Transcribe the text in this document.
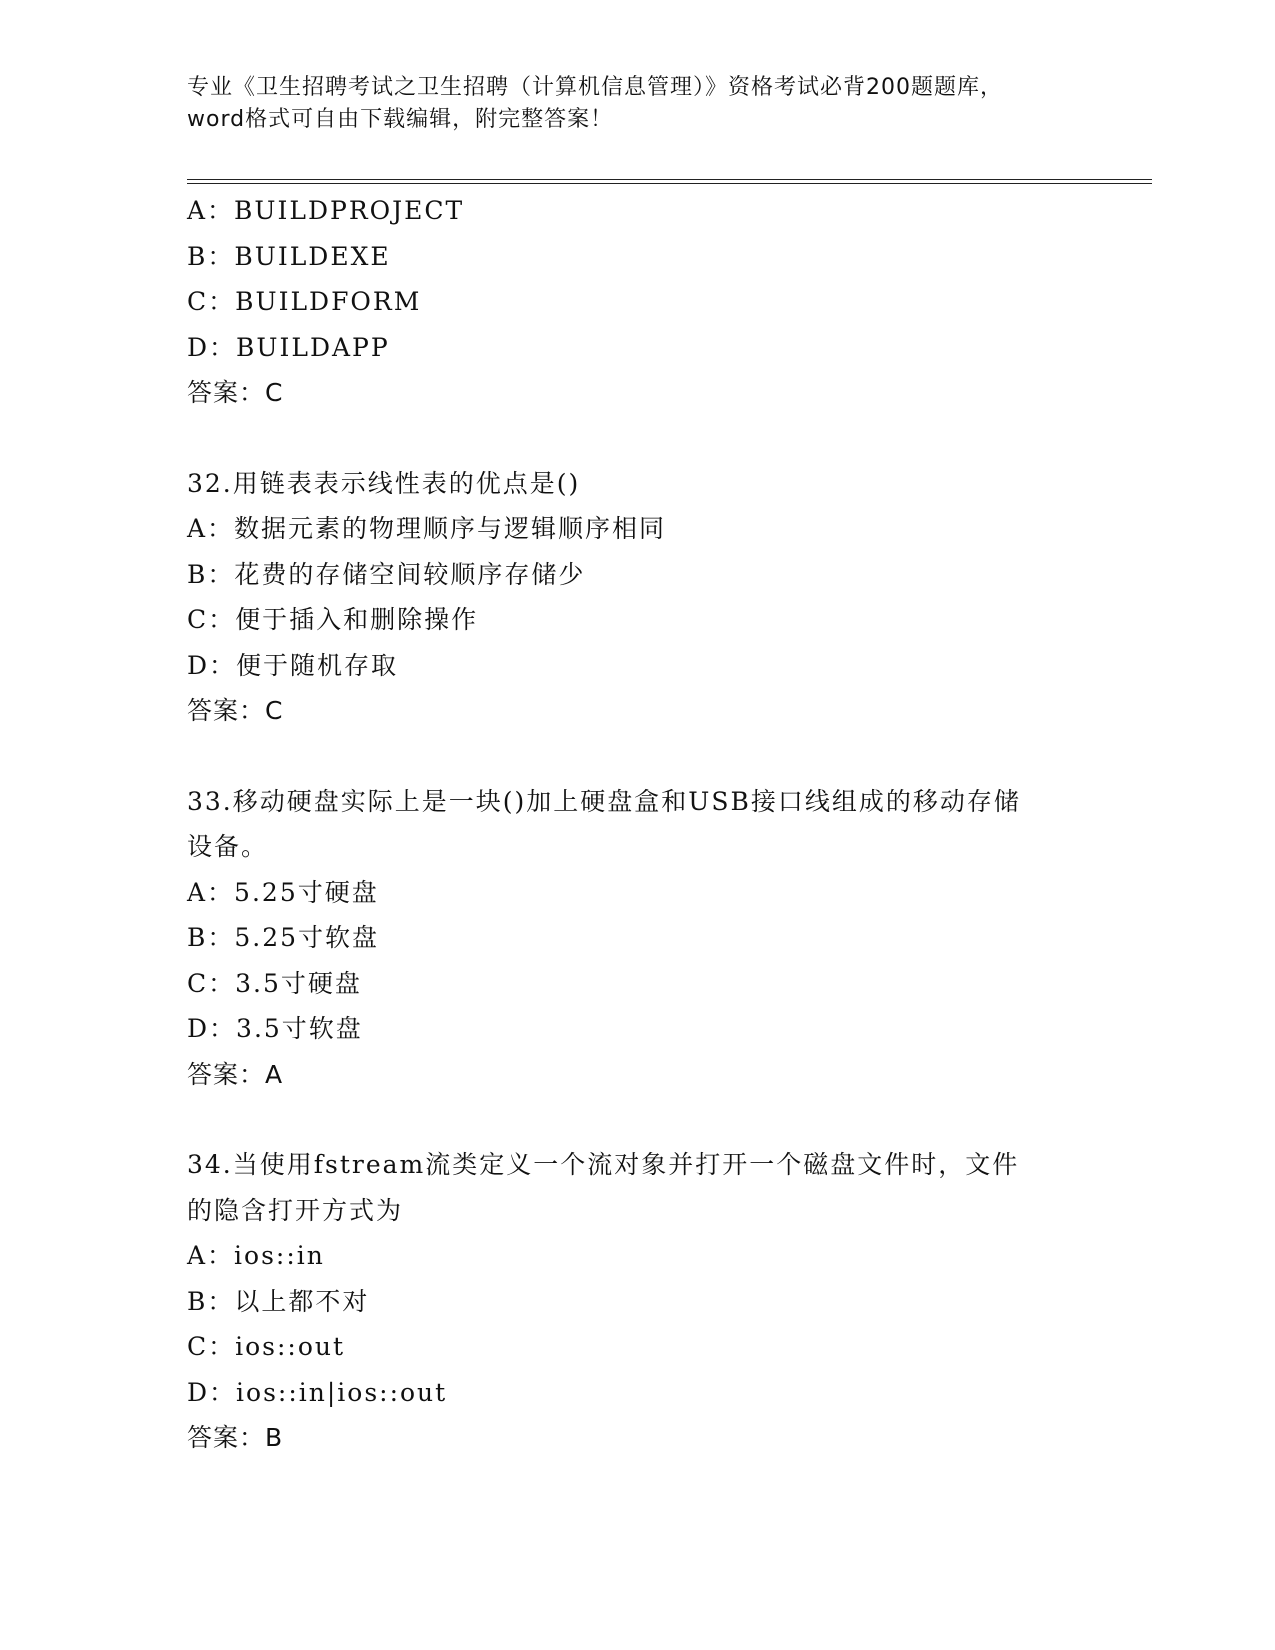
专业《卫生招聘考试之卫生招聘（计算机信息管理）》资格考试必背200题题库，
word格式可自由下载编辑，附完整答案！
A：BUILDPROJECT
B：BUILDEXE
C：BUILDFORM
D：BUILDAPP
答案：C
32.用链表表示线性表的优点是()
A：数据元素的物理顺序与逻辑顺序相同
B：花费的存储空间较顺序存储少
C：便于插入和删除操作
D：便于随机存取
答案：C
33.移动硬盘实际上是一块()加上硬盘盒和USB接口线组成的移动存储
设备。
A：5.25寸硬盘
B：5.25寸软盘
C：3.5寸硬盘
D：3.5寸软盘
答案：A
34.当使用fstream流类定义一个流对象并打开一个磁盘文件时，文件
的隐含打开方式为
A：ios::in
B：以上都不对
C：ios::out
D：ios::in|ios::out
答案：B
